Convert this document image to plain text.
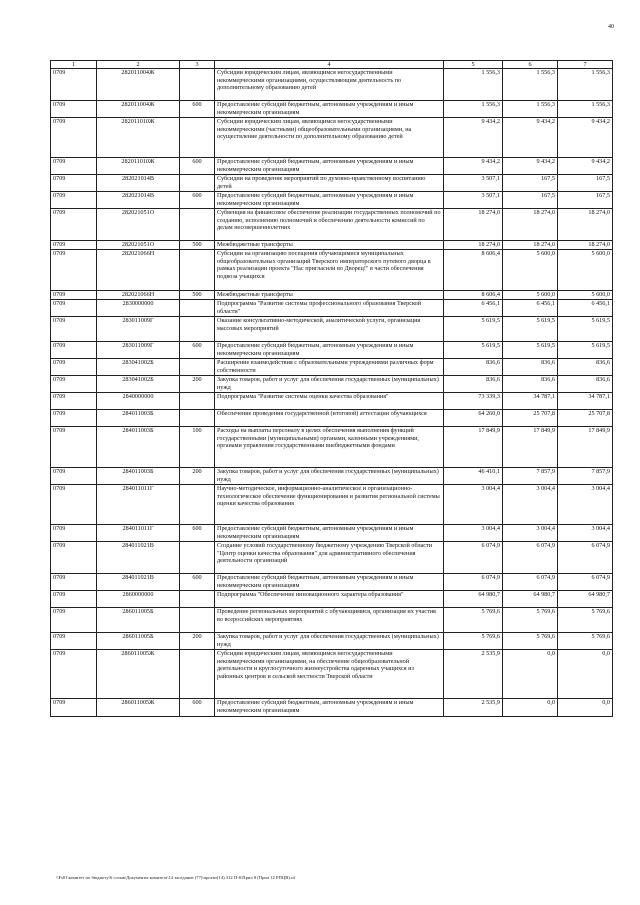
40
1	2	3	4	5	6	7
0709	282011004Ж		Субсидии юридическим лицам, являющимся негосударственными некоммерческими организациями, осуществляющим деятельность по дополнительному образованию детей	1 556,3	1 556,3	1 556,3
0709	282011004Ж	600	Предоставление субсидий бюджетным, автономным учреждениям и иным некоммерческим организациям	1 556,3	1 556,3	1 556,3
0709	282011010Ж		Субсидии юридическим лицам, являющимся негосударственными некоммерческими (частными) общеобразовательными организациями, на осуществление деятельности по дополнительному образованию детей	9 434,2	9 434,2	9 434,2
0709	282011010Ж	600	Предоставление субсидий бюджетным, автономным учреждениям и иным некоммерческим организациям	9 434,2	9 434,2	9 434,2
0709	282021014В		Субсидии на проведение мероприятий по духовно-нравственному воспитанию детей	3 507,1	167,5	167,5
0709	282021014В	600	Предоставление субсидий бюджетным, автономным учреждениям и иным некоммерческим организациям	3 507,1	167,5	167,5
0709	282021051О		Субвенция на финансовое обеспечение реализации государственных полномочий по созданию, исполнению полномочий и обеспечению деятельности комиссий по делам несовершеннолетних	18 274,0	18 274,0	18 274,0
0709	282021051О	500	Межбюджетные трансферты	18 274,0	18 274,0	18 274,0
0709	282021066Н		Субсидии на организацию посещения обучающимися муниципальных общеобразовательных организаций Тверского императорского путевого дворца в рамках реализации проекта "Нас пригласили во Дворец!" в части обеспечения подвоза учащихся	8 606,4	5 600,0	5 600,0
0709	282021066Н	500	Межбюджетные трансферты	8 606,4	5 600,0	5 600,0
0709	2830000000		Подпрограмма "Развитие системы профессионального образования Тверской области"	6 456,1	6 456,1	6 456,1
0709	283011009Г		Оказание консультативно-методической, аналитической услуги, организация массовых мероприятий	5 619,5	5 619,5	5 619,5
0709	283011009Г	600	Предоставление субсидий бюджетным, автономным учреждениям и иным некоммерческим организациям	5 619,5	5 619,5	5 619,5
0709	283041002Б		Расширение взаимодействия с образовательными учреждениями различных форм собственности	836,6	836,6	836,6
0709	283041002Б	200	Закупка товаров, работ и услуг для обеспечения государственных (муниципальных) нужд	836,6	836,6	836,6
0709	2840000000		Подпрограмма "Развитие системы оценки качества образования"	73 339,3	34 787,1	34 787,1
0709	284011003Б		Обеспечение проведения государственной (итоговой) аттестации обучающихся	64 260,0	25 707,8	25 707,8
0709	284011003Б	100	Расходы на выплаты персоналу в целях обеспечения выполнения функций государственными (муниципальными) органами, казенными учреждениями, органами управления государственными внебюджетными фондами	17 849,9	17 849,9	17 849,9
0709	284011003Б	200	Закупка товаров, работ и услуг для обеспечения государственных (муниципальных) нужд	46 410,1	7 857,9	7 857,9
0709	284011011Г		Научно-методическое, информационно-аналитическое и организационно-технологическое обеспечение функционирования и развития региональной системы оценки качества образования	3 004,4	3 004,4	3 004,4
0709	284011011Г	600	Предоставление субсидий бюджетным, автономным учреждениям и иным некоммерческим организациям	3 004,4	3 004,4	3 004,4
0709	284011021В		Создание условий государственному бюджетному учреждению Тверской области "Центр оценки качества образования" для административного обеспечения деятельности организаций	6 074,9	6 074,9	6 074,9
0709	284011021В	600	Предоставление субсидий бюджетным, автономным учреждениям и иным некоммерческим организациям	6 074,9	6 074,9	6 074,9
0709	2860000000		Подпрограмма "Обеспечение инновационного характера образования"	64 980,7	64 980,7	64 980,7
0709	286011005Б		Проведение региональных мероприятий с обучающимися, организация их участия во всероссийских мероприятиях	5 769,6	5 769,6	5 769,6
0709	286011005Б	200	Закупка товаров, работ и услуг для обеспечения государственных (муниципальных) нужд	5 769,6	5 769,6	5 769,6
0709	286011005Ж		Субсидии юридическим лицам, являющимся негосударственными некоммерческими организациями, на обеспечение общеобразовательной деятельности и круглосуточного жизнеустройства одаренных учащихся из районных центров и сельской местности Тверской области	2 535,9	0,0	0,0
0709	286011005Ж	600	Предоставление субсидий бюджетным, автономным учреждениям и иным некоммерческим организациям	2 535,9	0,0	0,0
\\Fs01\комитет по бюджету\6 созыв\Документы комитета\14 заседание (77)\проект(14) 312 П-6\Прил 8 (Прил 12 РПЦВ).rtf
